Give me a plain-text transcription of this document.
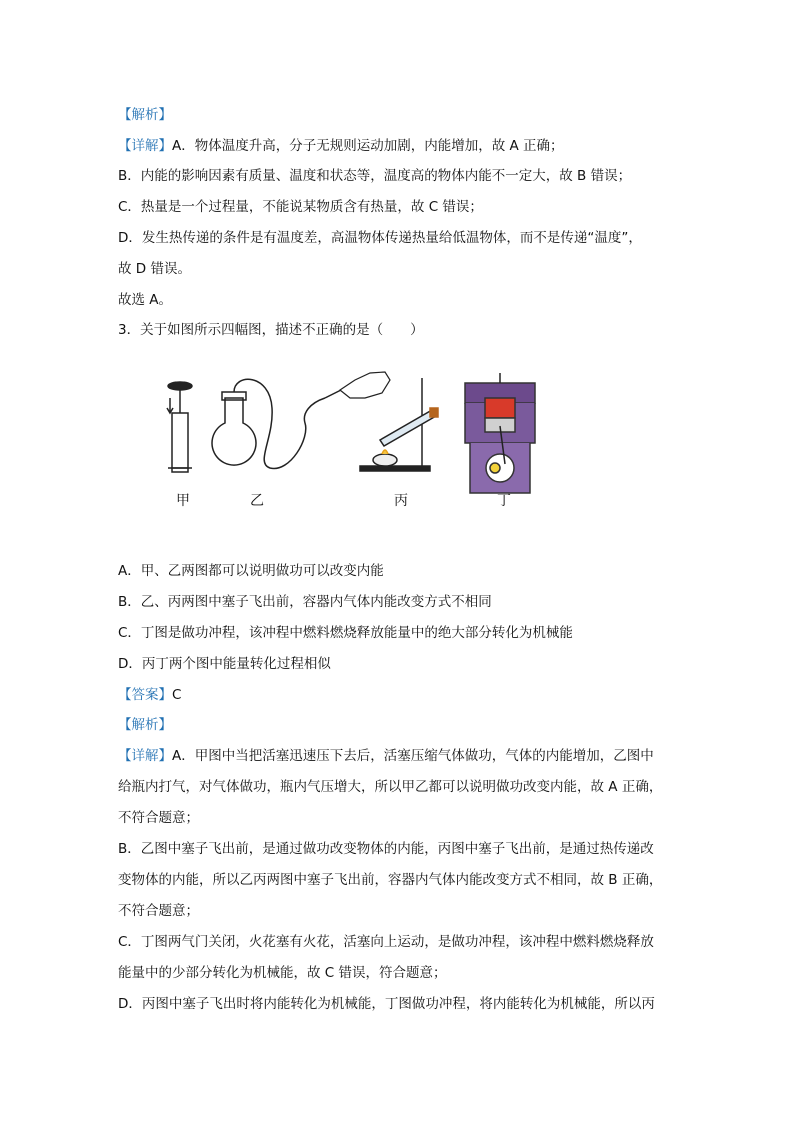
【解析】
【详解】A．物体温度升高，分子无规则运动加剧，内能增加，故 A 正确；
B．内能的影响因素有质量、温度和状态等，温度高的物体内能不一定大，故 B 错误；
C．热量是一个过程量，不能说某物质含有热量，故 C 错误；
D．发生热传递的条件是有温度差，高温物体传递热量给低温物体，而不是传递“温度”，
故 D 错误。
故选 A。
3．关于如图所示四幅图，描述不正确的是（　　）
甲	乙	丙	丁
A．甲、乙两图都可以说明做功可以改变内能
B．乙、丙两图中塞子飞出前，容器内气体内能改变方式不相同
C．丁图是做功冲程，该冲程中燃料燃烧释放能量中的绝大部分转化为机械能
D．丙丁两个图中能量转化过程相似
【答案】C
【解析】
【详解】A．甲图中当把活塞迅速压下去后，活塞压缩气体做功，气体的内能增加，乙图中
给瓶内打气，对气体做功，瓶内气压增大，所以甲乙都可以说明做功改变内能，故 A 正确，
不符合题意；
B．乙图中塞子飞出前，是通过做功改变物体的内能，丙图中塞子飞出前，是通过热传递改
变物体的内能，所以乙丙两图中塞子飞出前，容器内气体内能改变方式不相同，故 B 正确，
不符合题意；
C．丁图两气门关闭，火花塞有火花，活塞向上运动，是做功冲程，该冲程中燃料燃烧释放
能量中的少部分转化为机械能，故 C 错误，符合题意；
D．丙图中塞子飞出时将内能转化为机械能，丁图做功冲程，将内能转化为机械能，所以丙
